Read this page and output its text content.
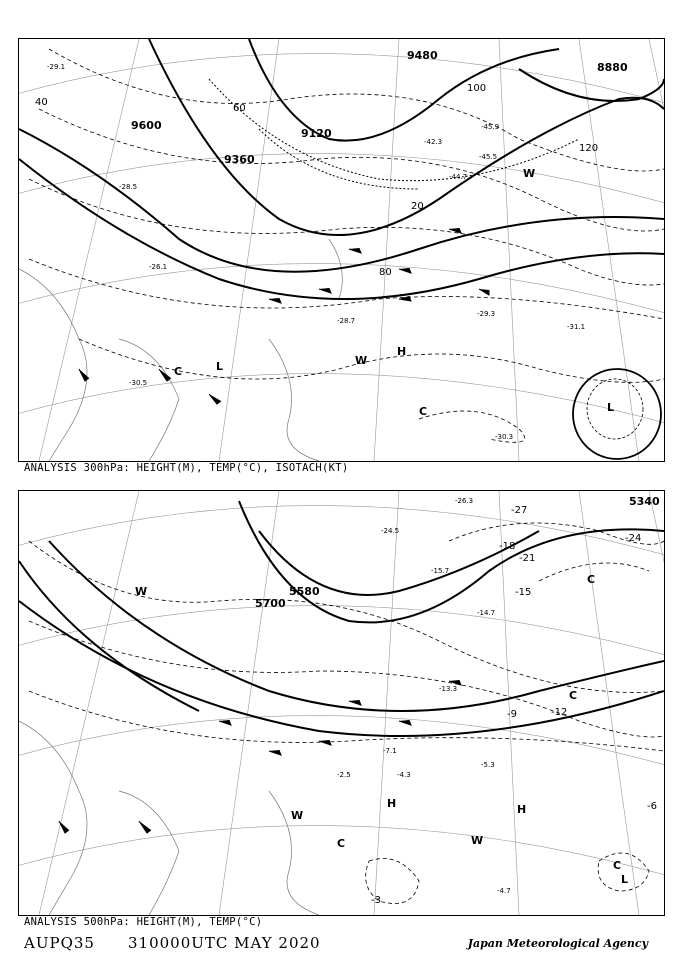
H
L
L
C
C
W
W
9600
9120
9360
9480
8880
40
20
60
80
100
120
-29.1
-28.5
-30.5
-29.3
-28.7
-30.3
-45.9
-44.7
-45.5
-42.3
-31.1
-26.1
ANALYSIS 300hPa: HEIGHT(M), TEMP(°C), ISOTACH(KT)
H	H
L
C
C
C
C
W
W
W
5700
5580
5340
-3
-6
-9	-12
-15
-18
-21
-24
-27
-4.7
-5.3
-7.1
-4.3
-2.5
-15.7
-14.7
-24.5
-26.3
-13.3
ANALYSIS 500hPa: HEIGHT(M), TEMP(°C)
AUPQ35 310000UTC MAY 2020	Japan Meteorological Agency
